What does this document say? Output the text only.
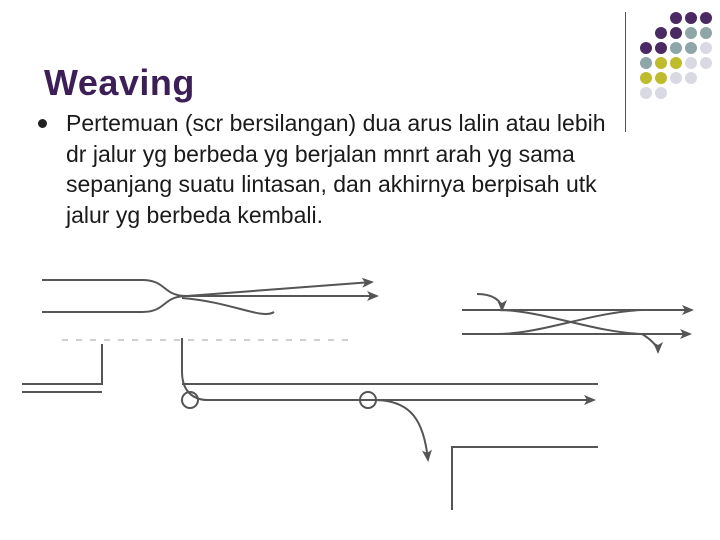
Weaving

Pertemuan (scr bersilangan) dua arus lalin atau lebih dr jalur yg berbeda yg berjalan mnrt arah yg sama sepanjang suatu lintasan, dan akhirnya berpisah utk jalur yg berbeda kembali.
